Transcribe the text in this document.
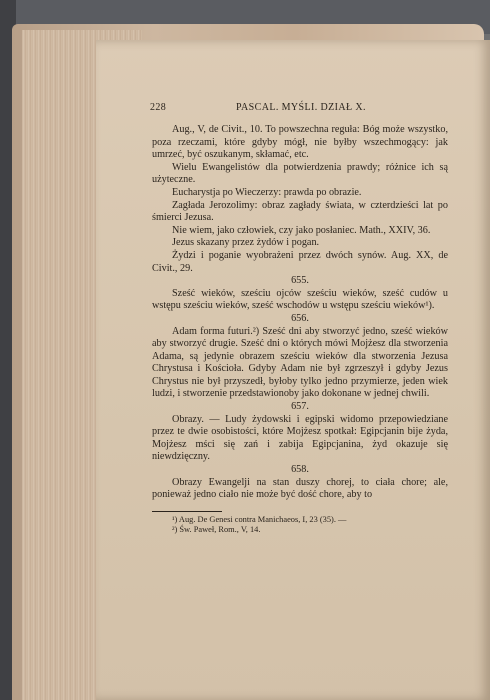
228	PASCAL. MYŚLI. DZIAŁ X.

Aug., V, de Civit., 10. To powszechna reguła: Bóg może wszystko, poza rzeczami, które gdyby mógł, nie byłby wszechmogący: jak umrzeć, być oszukanym, skłamać, etc.

Wielu Ewangelistów dla potwierdzenia prawdy; różnice ich są użyteczne.

Eucharystja po Wieczerzy: prawda po obrazie.

Zagłada Jerozolimy: obraz zagłady świata, w czterdzieści lat po śmierci Jezusa.

Nie wiem, jako człowiek, czy jako posłaniec. Math., XXIV, 36.

Jezus skazany przez żydów i pogan.

Żydzi i poganie wyobrażeni przez dwóch synów. Aug. XX, de Civit., 29.

655.

Sześć wieków, sześciu ojców sześciu wieków, sześć cudów u wstępu sześciu wieków, sześć wschodów u wstępu sześciu wieków¹).

656.

Adam forma futuri.²) Sześć dni aby stworzyć jedno, sześć wieków aby stworzyć drugie. Sześć dni o których mówi Mojżesz dla stworzenia Adama, są jedynie obrazem sześciu wieków dla stworzenia Jezusa Chrystusa i Kościoła. Gdyby Adam nie był zgrzeszył i gdyby Jezus Chrystus nie był przyszedł, byłoby tylko jedno przymierze, jeden wiek ludzi, i stworzenie przedstawionoby jako dokonane w jednej chwili.

657.

Obrazy. — Ludy żydowski i egipski widomo przepowiedziane przez te dwie osobistości, które Mojżesz spotkał: Egipcjanin bije żyda, Mojżesz mści się zań i zabija Egipcjanina, żyd okazuje się niewdzięczny.

658.

Obrazy Ewangelji na stan duszy chorej, to ciała chore; ale, ponieważ jedno ciało nie może być dość chore, aby to

¹) Aug. De Genesi contra Manichaeos, I, 23 (35). —

²) Św. Paweł, Rom., V, 14.
